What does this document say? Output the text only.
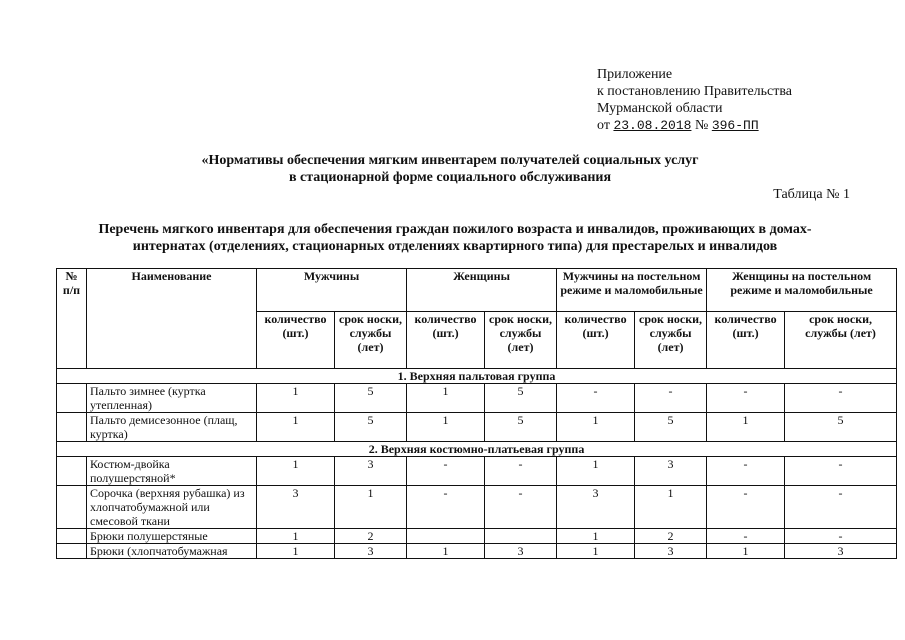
Приложение
к постановлению Правительства
Мурманской области
от 23.08.2018 № 396-ПП
«Нормативы обеспечения мягким инвентарем получателей социальных услуг
в стационарной форме социального обслуживания
Таблица № 1
Перечень мягкого инвентаря для обеспечения граждан пожилого возраста и инвалидов, проживающих в домах-
интернатах (отделениях, стационарных отделениях квартирного типа) для престарелых и инвалидов
№ п/п	Наименование	Мужчины		Женщины		Мужчины на постельном режиме и маломобильные		Женщины на постельном режиме и маломобильные	
		количество (шт.)	срок носки, службы (лет)	количество (шт.)	срок носки, службы (лет)	количество (шт.)	срок носки, службы (лет)	количество (шт.)	срок носки, службы (лет)
1. Верхняя пальтовая группа									
	Пальто зимнее (куртка утепленная)	1	5	1	5	-	-	-	-
	Пальто демисезонное (плащ, куртка)	1	5	1	5	1	5	1	5
2. Верхняя костюмно-платьевая группа									
	Костюм-двойка полушерстяной*	1	3	-	-	1	3	-	-
	Сорочка (верхняя рубашка) из хлопчатобумажной или смесовой ткани	3	1	-	-	3	1	-	-
	Брюки полушерстяные	1	2			1	2	-	-
	Брюки (хлопчатобумажная	1	3	1	3	1	3	1	3
